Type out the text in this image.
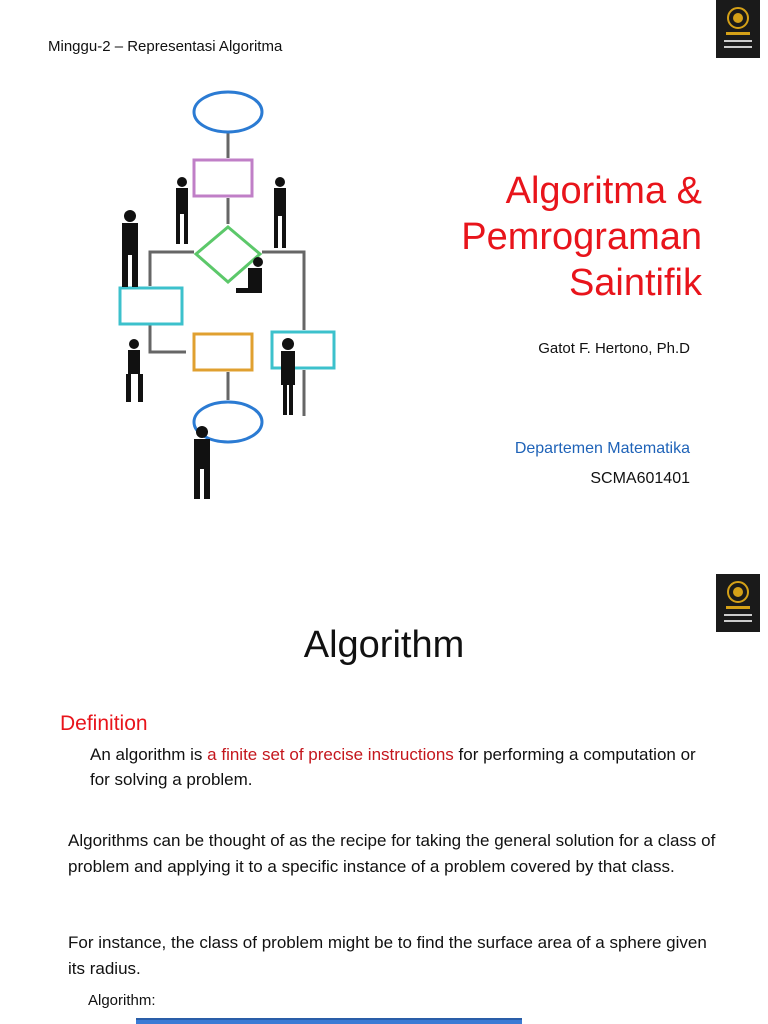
Minggu-2 – Representasi Algoritma
Algoritma &
Pemrograman
Saintifik
Gatot F. Hertono, Ph.D
Departemen Matematika
SCMA601401
Algorithm
Definition
An algorithm is a finite set of precise instructions for performing a computation or for solving a problem.
Algorithms can be thought of as the recipe for taking the general solution for a class of problem and applying it to a specific instance of a problem covered by that class.
For instance, the class of problem might be to find the surface area of a sphere given its radius.
Algorithm:
